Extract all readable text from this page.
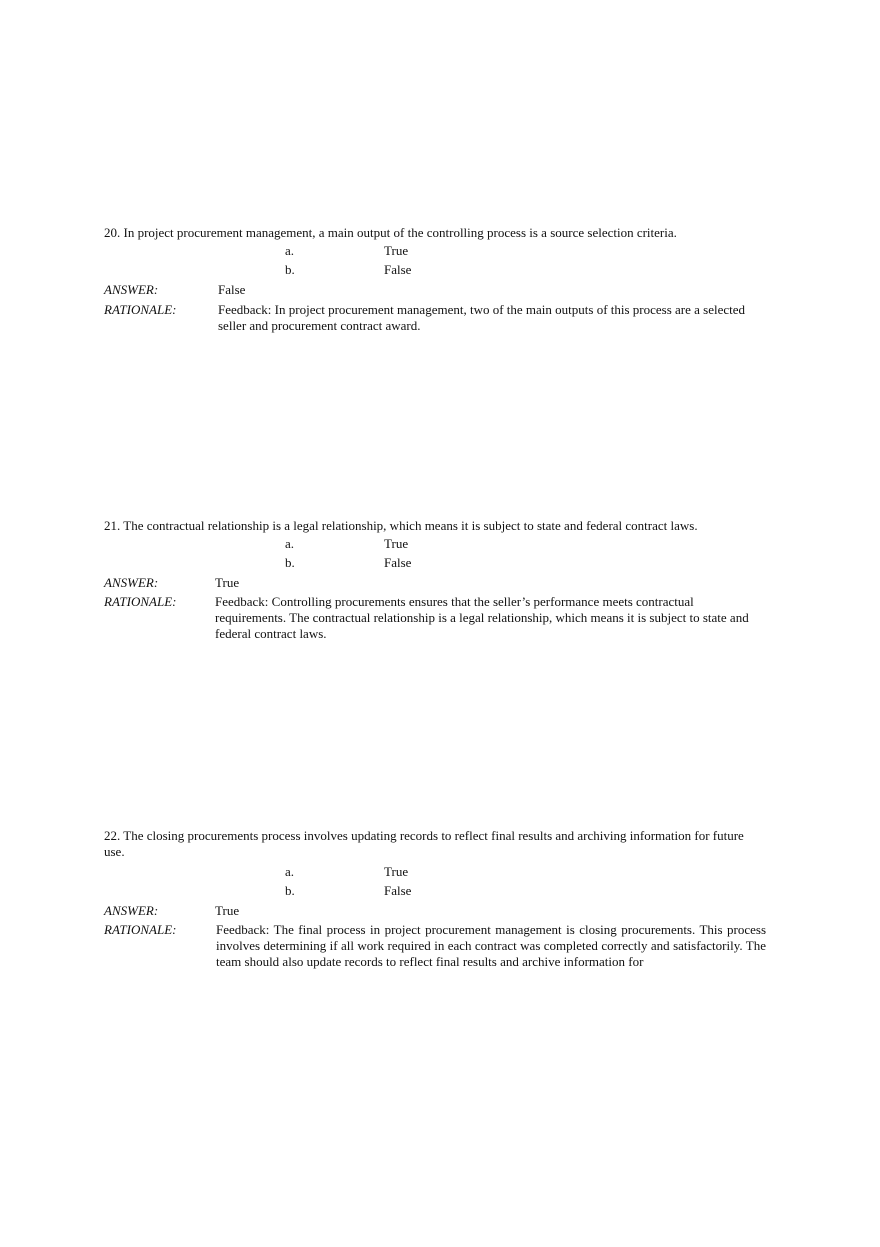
20. In project procurement management, a main output of the controlling process is a source selection criteria.

a.	True
b.	False
ANSWER:	False
RATIONALE:	Feedback: In project procurement management, two of the main outputs of this process are a selected seller and procurement contract award.

21. The contractual relationship is a legal relationship, which means it is subject to state and federal contract laws.

a.	True
b.	False
ANSWER:	True
RATIONALE:	Feedback: Controlling procurements ensures that the seller’s performance meets contractual requirements. The contractual relationship is a legal relationship, which means it is subject to state and federal contract laws.

22. The closing procurements process involves updating records to reflect final results and archiving information for future use.

a.	True
b.	False
ANSWER:	True
RATIONALE:	Feedback: The final process in project procurement management is closing procurements. This process involves determining if all work required in each contract was completed correctly and satisfactorily. The team should also update records to reflect final results and archive information for
